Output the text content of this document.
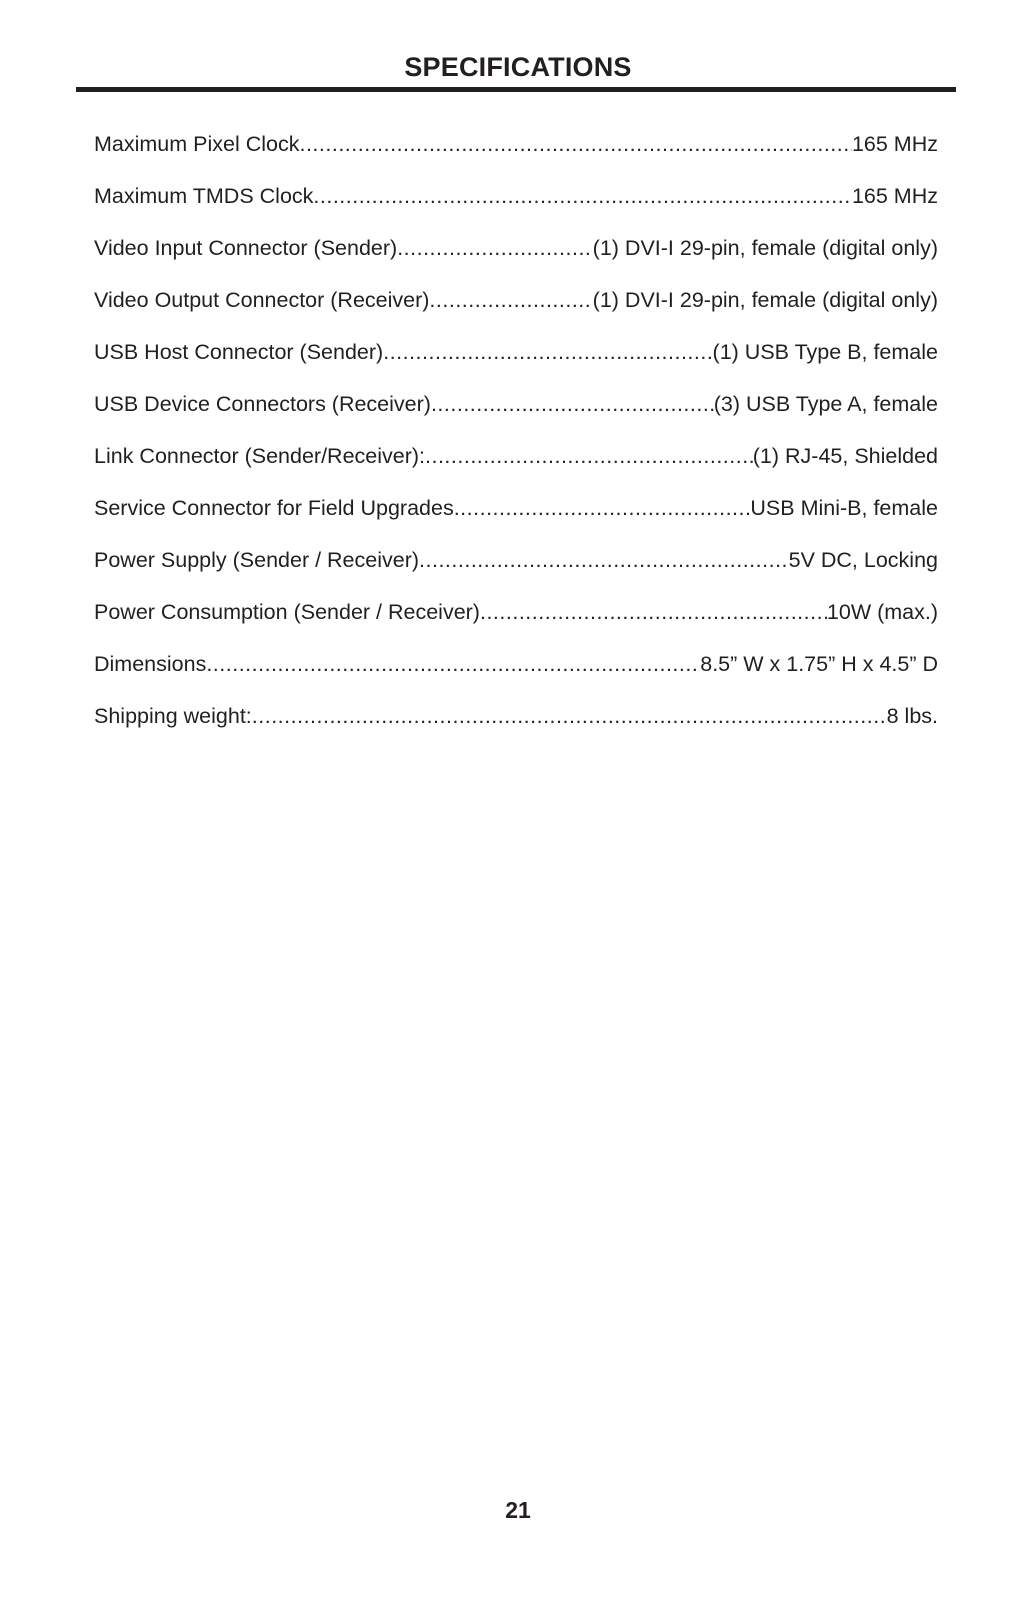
SPECIFICATIONS
Maximum Pixel Clock .....	165 MHz
Maximum TMDS Clock .....	165 MHz
Video Input Connector (Sender) .....	(1) DVI-I 29-pin, female (digital only)
Video Output Connector (Receiver) .....	(1) DVI-I 29-pin, female (digital only)
USB Host Connector (Sender) .....	(1) USB Type B, female
USB Device Connectors (Receiver) .....	(3) USB Type A, female
Link Connector (Sender/Receiver): .....	(1) RJ-45, Shielded
Service Connector for Field Upgrades .....	USB Mini-B, female
Power Supply (Sender / Receiver) .....	5V DC, Locking
Power Consumption (Sender / Receiver) .....	10W (max.)
Dimensions .....	8.5” W x 1.75” H x 4.5” D
Shipping weight: .....	8 lbs.
21
